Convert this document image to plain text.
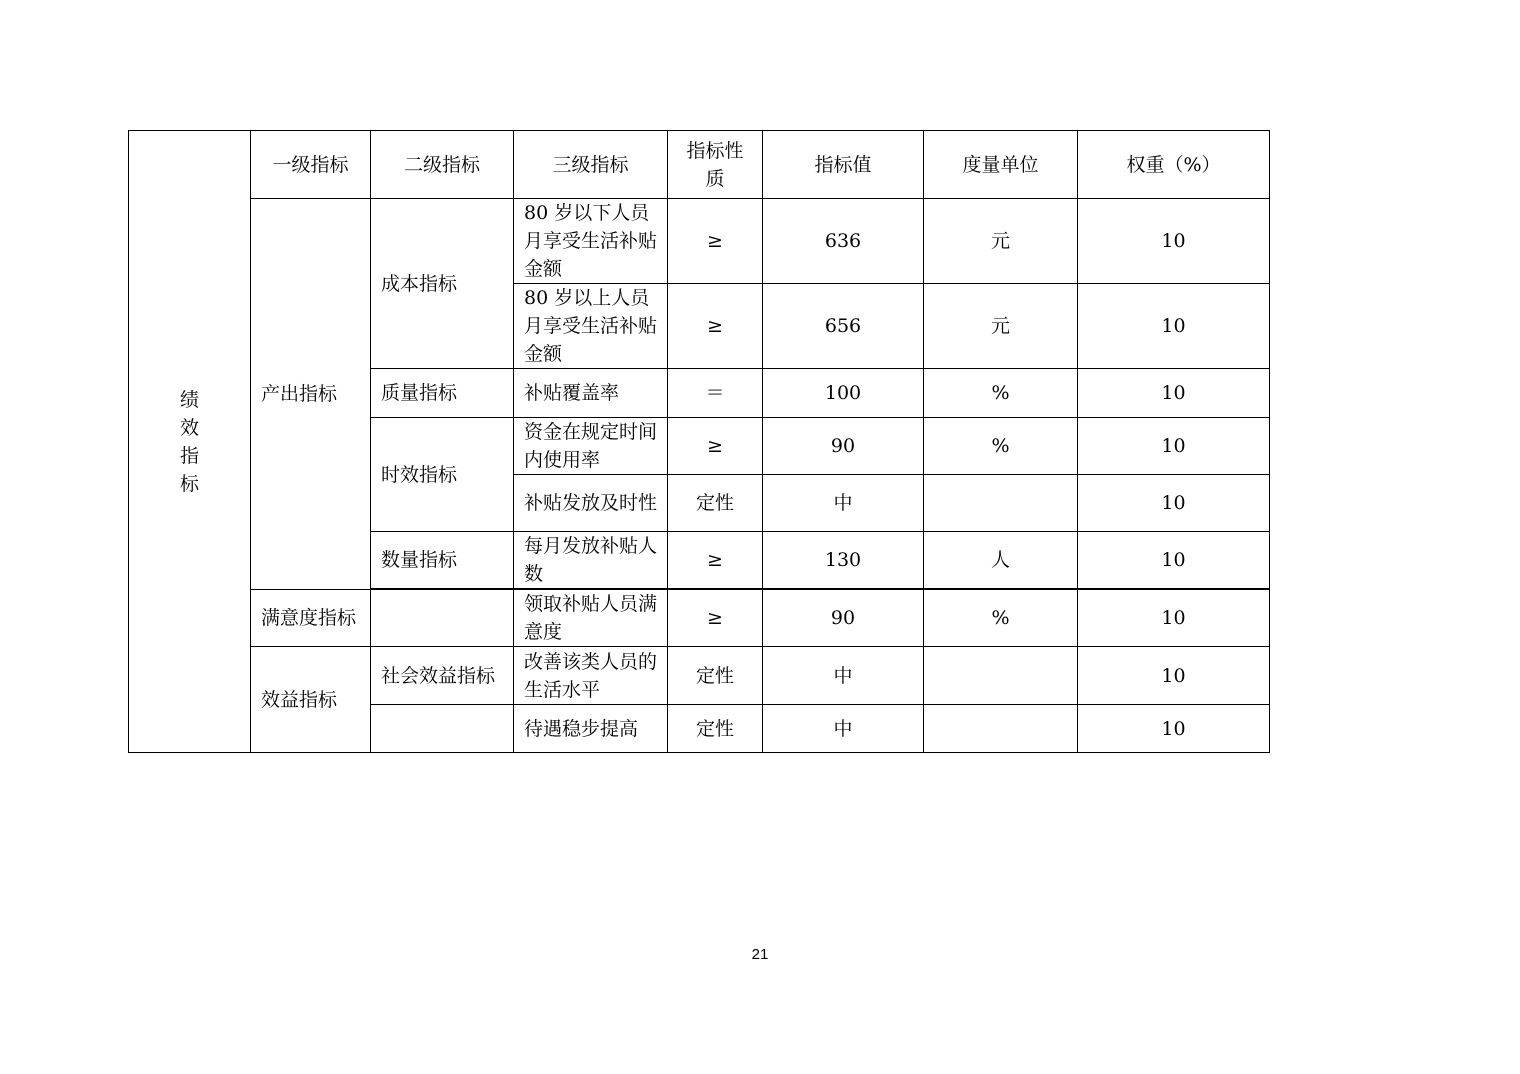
绩效指标	一级指标	二级指标	三级指标	指标性质	指标值	度量单位	权重（%）
	产出指标	成本指标	80 岁以下人员月享受生活补贴金额	≥	636	元	10

			80 岁以上人员月享受生活补贴金额	≥	656	元	10
		质量指标	补贴覆盖率	＝	100	%	10
		时效指标	资金在规定时间内使用率	≥	90	%	10

			补贴发放及时性	定性	中		10
		数量指标	每月发放补贴人数	≥	130	人	10

	满意度指标		领取补贴人员满意度	≥	90	%	10
	效益指标	社会效益指标	改善该类人员的生活水平	定性	中		10

			待遇稳步提高	定性	中		10
21
